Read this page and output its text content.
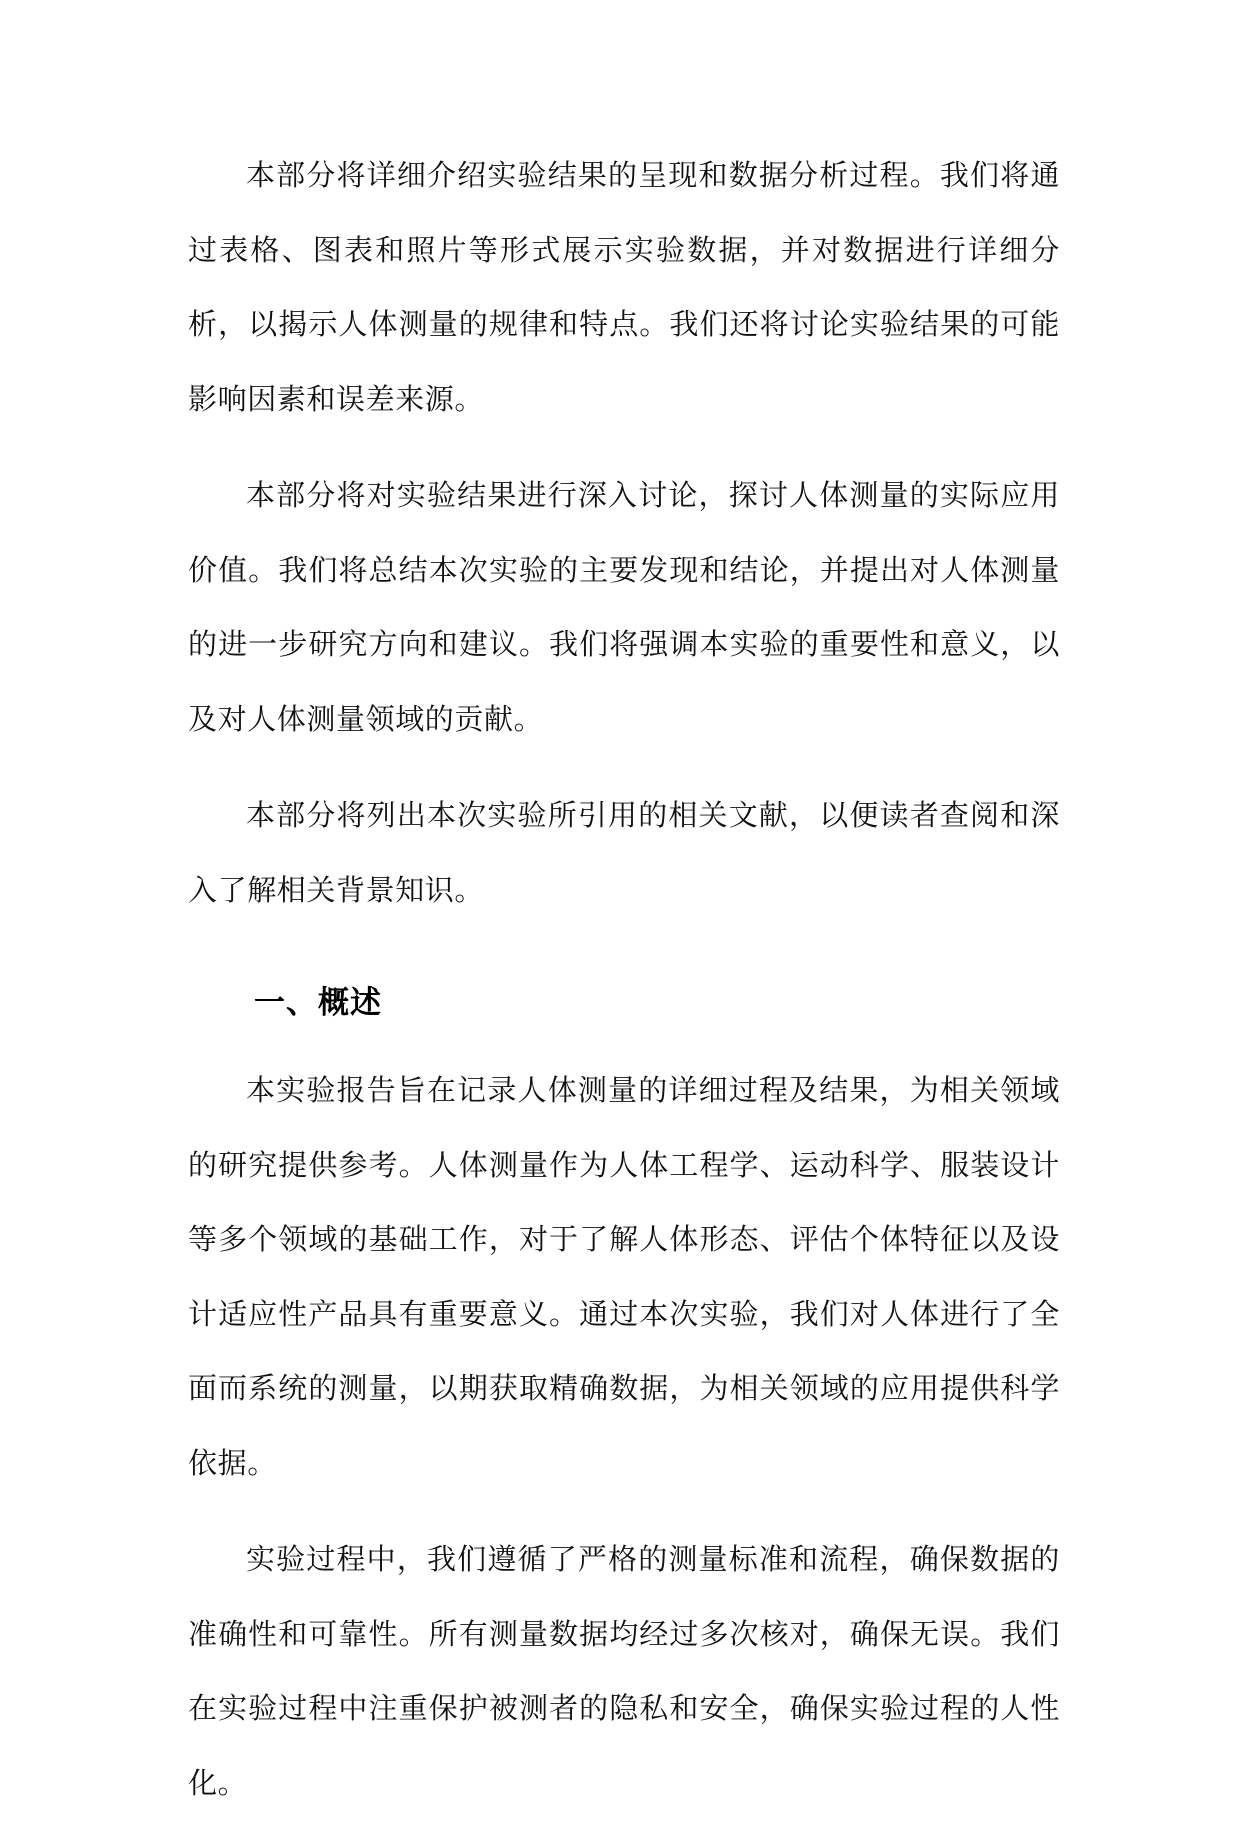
本部分将详细介绍实验结果的呈现和数据分析过程。我们将通过表格、图表和照片等形式展示实验数据，并对数据进行详细分析，以揭示人体测量的规律和特点。我们还将讨论实验结果的可能影响因素和误差来源。

本部分将对实验结果进行深入讨论，探讨人体测量的实际应用价值。我们将总结本次实验的主要发现和结论，并提出对人体测量的进一步研究方向和建议。我们将强调本实验的重要性和意义，以及对人体测量领域的贡献。

本部分将列出本次实验所引用的相关文献，以便读者查阅和深入了解相关背景知识。

一、概述

本实验报告旨在记录人体测量的详细过程及结果，为相关领域的研究提供参考。人体测量作为人体工程学、运动科学、服装设计等多个领域的基础工作，对于了解人体形态、评估个体特征以及设计适应性产品具有重要意义。通过本次实验，我们对人体进行了全面而系统的测量，以期获取精确数据，为相关领域的应用提供科学依据。

实验过程中，我们遵循了严格的测量标准和流程，确保数据的准确性和可靠性。所有测量数据均经过多次核对，确保无误。我们在实验过程中注重保护被测者的隐私和安全，确保实验过程的人性化。
